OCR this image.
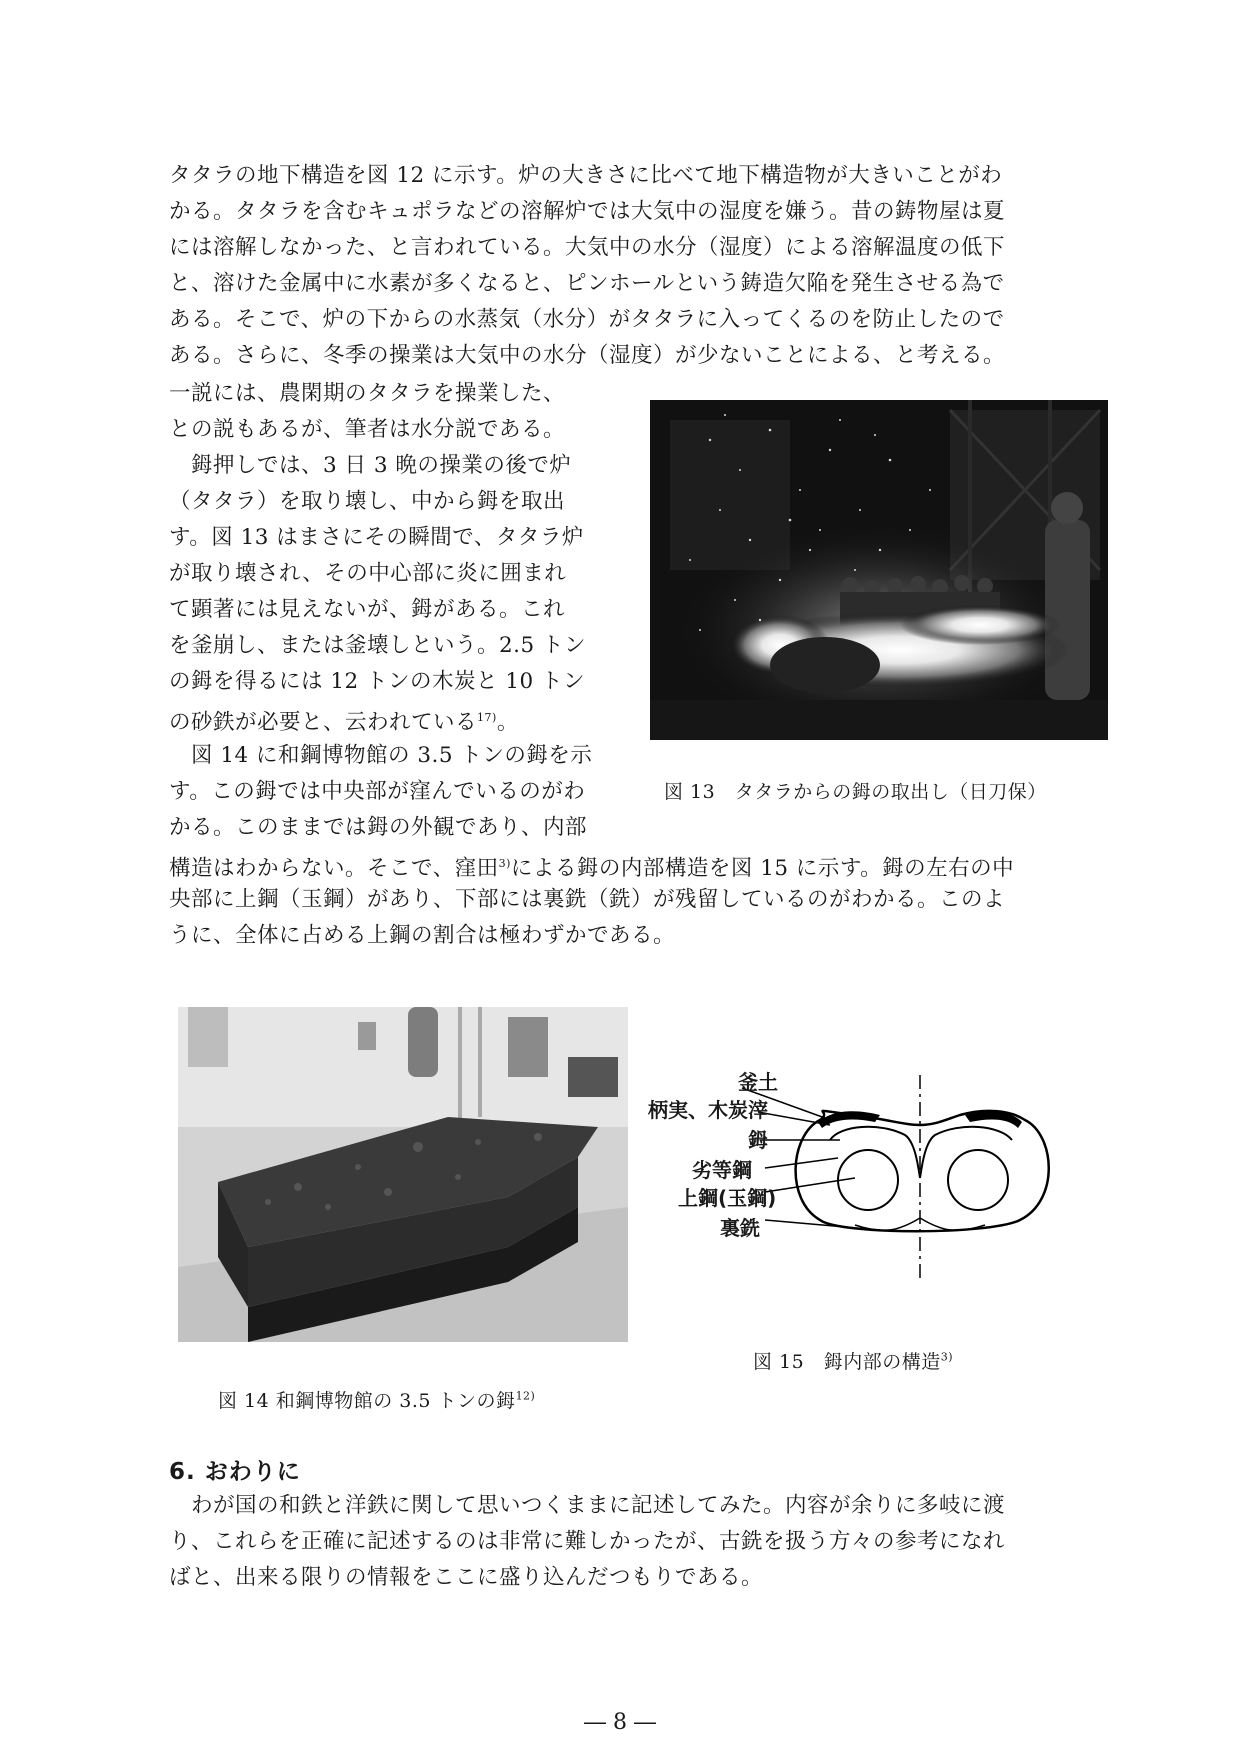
タタラの地下構造を図 12 に示す。炉の大きさに比べて地下構造物が大きいことがわ
かる。タタラを含むキュポラなどの溶解炉では大気中の湿度を嫌う。昔の鋳物屋は夏
には溶解しなかった、と言われている。大気中の水分（湿度）による溶解温度の低下
と、溶けた金属中に水素が多くなると、ピンホールという鋳造欠陥を発生させる為で
ある。そこで、炉の下からの水蒸気（水分）がタタラに入ってくるのを防止したので
ある。さらに、冬季の操業は大気中の水分（湿度）が少ないことによる、と考える。
一説には、農閑期のタタラを操業した、
との説もあるが、筆者は水分説である。
　鉧押しでは、3 日 3 晩の操業の後で炉
（タタラ）を取り壊し、中から鉧を取出
す。図 13 はまさにその瞬間で、タタラ炉
が取り壊され、その中心部に炎に囲まれ
て顕著には見えないが、鉧がある。これ
を釜崩し、または釜壊しという。2.5 トン
の鉧を得るには 12 トンの木炭と 10 トン
の砂鉄が必要と、云われている$^{17)}$。
　図 14 に和鋼博物館の 3.5 トンの鉧を示
す。この鉧では中央部が窪んでいるのがわ
かる。このままでは鉧の外観であり、内部
図 13　タタラからの鉧の取出し（日刀保）
構造はわからない。そこで、窪田$^{3)}$による鉧の内部構造を図 15 に示す。鉧の左右の中
央部に上鋼（玉鋼）があり、下部には裏銑（銑）が残留しているのがわかる。このよ
うに、全体に占める上鋼の割合は極わずかである。
図 14 和鋼博物館の 3.5 トンの鉧$^{12)}$
釜土
柄実、木炭滓
鉧
劣等鋼
上鋼(玉鋼)
裏銑
図 15　鉧内部の構造$^{3)}$
6. おわりに
　わが国の和鉄と洋鉄に関して思いつくままに記述してみた。内容が余りに多岐に渡
り、これらを正確に記述するのは非常に難しかったが、古銑を扱う方々の参考になれ
ばと、出来る限りの情報をここに盛り込んだつもりである。
― 8 ―
